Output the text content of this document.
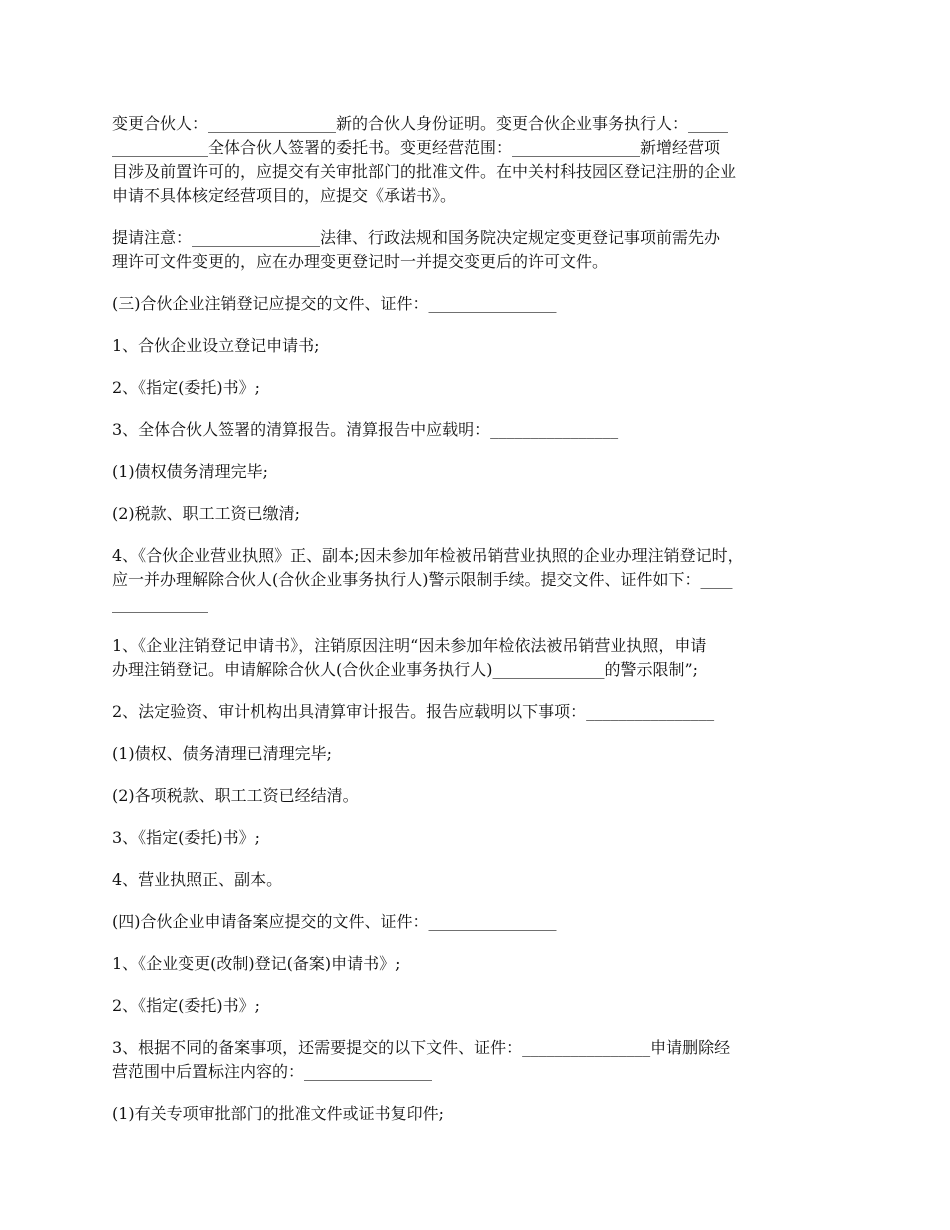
变更合伙人：________________新的合伙人身份证明。变更合伙企业事务执行人：_____
____________全体合伙人签署的委托书。变更经营范围：________________新增经营项
目涉及前置许可的，应提交有关审批部门的批准文件。在中关村科技园区登记注册的企业
申请不具体核定经营项目的，应提交《承诺书》。

提请注意：________________法律、行政法规和国务院决定规定变更登记事项前需先办
理许可文件变更的，应在办理变更登记时一并提交变更后的许可文件。

(三)合伙企业注销登记应提交的文件、证件：________________

1、合伙企业设立登记申请书;

2、《指定(委托)书》;

3、全体合伙人签署的清算报告。清算报告中应载明：________________

(1)债权债务清理完毕;

(2)税款、职工工资已缴清;

4、《合伙企业营业执照》正、副本;因未参加年检被吊销营业执照的企业办理注销登记时，
应一并办理解除合伙人(合伙企业事务执行人)警示限制手续。提交文件、证件如下：____
____________

1、《企业注销登记申请书》，注销原因注明“因未参加年检依法被吊销营业执照，申请
办理注销登记。申请解除合伙人(合伙企业事务执行人)______________的警示限制”;

2、法定验资、审计机构出具清算审计报告。报告应载明以下事项：________________

(1)债权、债务清理已清理完毕;

(2)各项税款、职工工资已经结清。

3、《指定(委托)书》;

4、营业执照正、副本。

(四)合伙企业申请备案应提交的文件、证件：________________

1、《企业变更(改制)登记(备案)申请书》;

2、《指定(委托)书》;

3、根据不同的备案事项，还需要提交的以下文件、证件：________________申请删除经
营范围中后置标注内容的：________________

(1)有关专项审批部门的批准文件或证书复印件;
